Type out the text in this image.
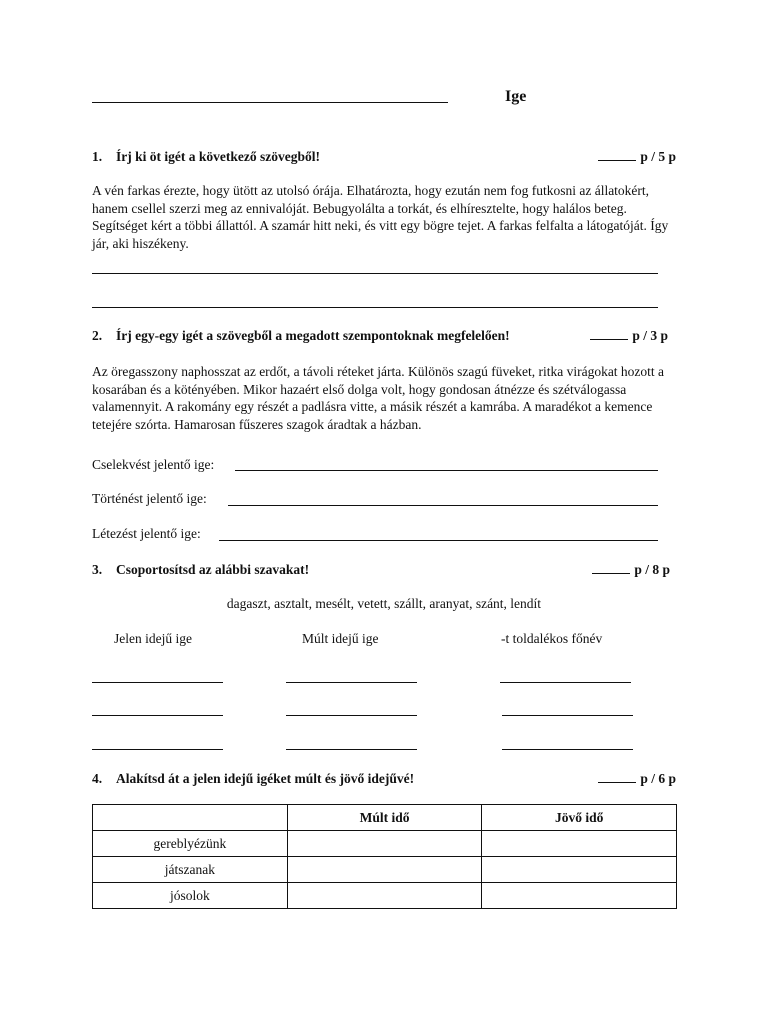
Ige
1. Írj ki öt igét a következő szövegből!	p / 5 p
A vén farkas érezte, hogy ütött az utolsó órája. Elhatározta, hogy ezután nem fog futkosni az állatokért, hanem csellel szerzi meg az ennivalóját. Bebugyolálta a torkát, és elhíresztelte, hogy halálos beteg. Segítséget kért a többi állattól. A szamár hitt neki, és vitt egy bögre tejet. A farkas felfalta a látogatóját. Így jár, aki hiszékeny.
2. Írj egy-egy igét a szövegből a megadott szempontoknak megfelelően!	p / 3 p
Az öregasszony naphosszat az erdőt, a távoli réteket járta. Különös szagú füveket, ritka virágokat hozott a kosarában és a kötényében. Mikor hazaért első dolga volt, hogy gondosan átnézze és szétválogassa valamennyit. A rakomány egy részét a padlásra vitte, a másik részét a kamrába. A maradékot a kemence tetejére szórta. Hamarosan fűszeres szagok áradtak a házban.
Cselekvést jelentő ige:
Történést jelentő ige:
Létezést jelentő ige:
3. Csoportosítsd az alábbi szavakat!	p / 8 p
dagaszt, asztalt, mesélt, vetett, szállt, aranyat, szánt, lendít
Jelen idejű ige	Múlt idejű ige	-t toldalékos főnév
4. Alakítsd át a jelen idejű igéket múlt és jövő idejűvé!	p / 6 p
	Múlt idő	Jövő idő
gereblyézünk		
játszanak		
jósolok		
